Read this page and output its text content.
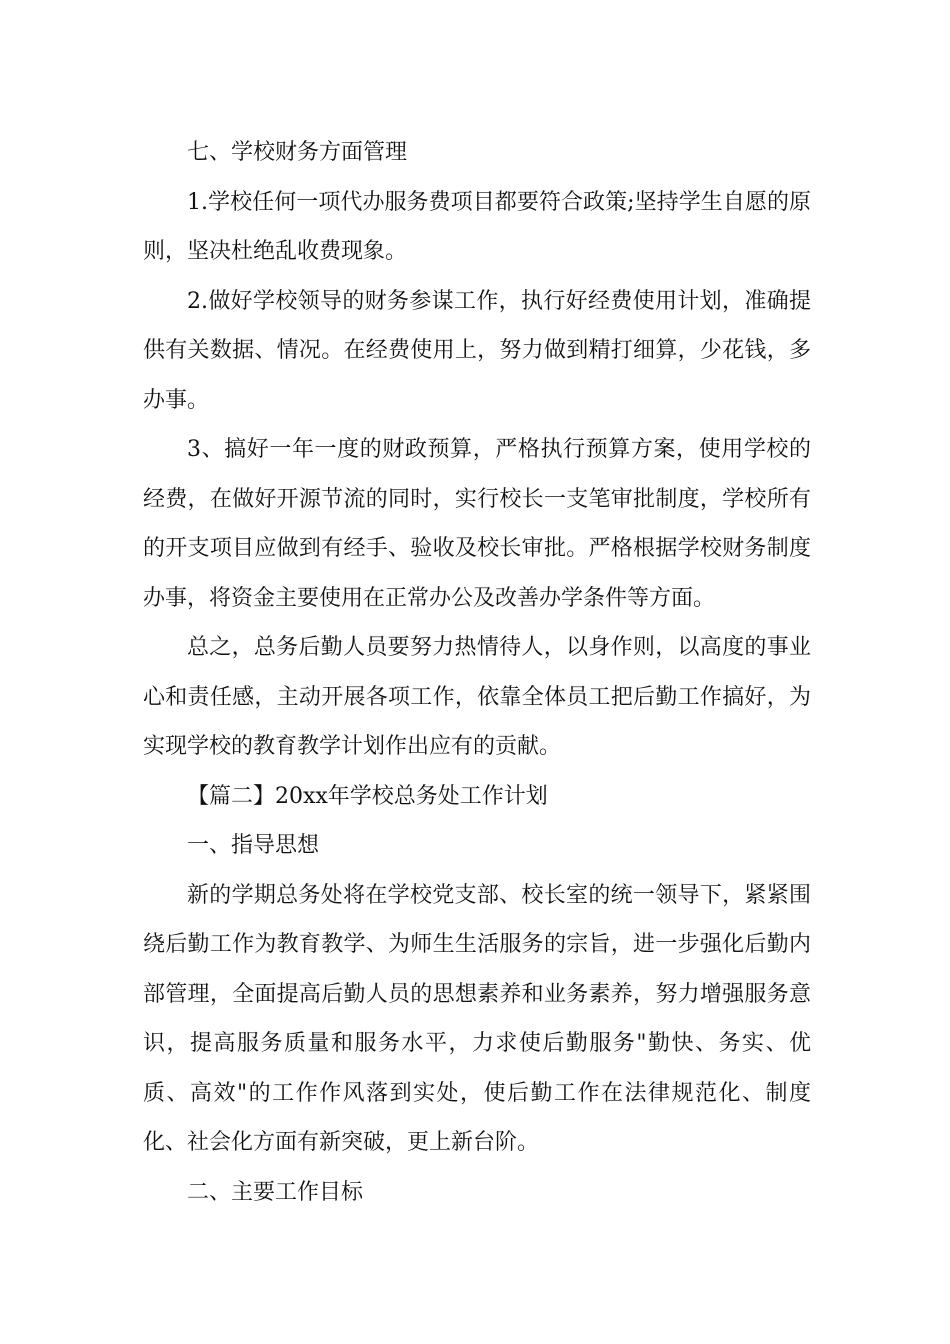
七、学校财务方面管理

1.学校任何一项代办服务费项目都要符合政策;坚持学生自愿的原则，坚决杜绝乱收费现象。

2.做好学校领导的财务参谋工作，执行好经费使用计划，准确提供有关数据、情况。在经费使用上，努力做到精打细算，少花钱，多办事。

3、搞好一年一度的财政预算，严格执行预算方案，使用学校的经费，在做好开源节流的同时，实行校长一支笔审批制度，学校所有的开支项目应做到有经手、验收及校长审批。严格根据学校财务制度办事，将资金主要使用在正常办公及改善办学条件等方面。

总之，总务后勤人员要努力热情待人，以身作则，以高度的事业心和责任感，主动开展各项工作，依靠全体员工把后勤工作搞好，为实现学校的教育教学计划作出应有的贡献。

【篇二】20xx年学校总务处工作计划

一、指导思想

新的学期总务处将在学校党支部、校长室的统一领导下，紧紧围绕后勤工作为教育教学、为师生生活服务的宗旨，进一步强化后勤内部管理，全面提高后勤人员的思想素养和业务素养，努力增强服务意识，提高服务质量和服务水平，力求使后勤服务"勤快、务实、优质、高效"的工作作风落到实处，使后勤工作在法律规范化、制度化、社会化方面有新突破，更上新台阶。

二、主要工作目标
